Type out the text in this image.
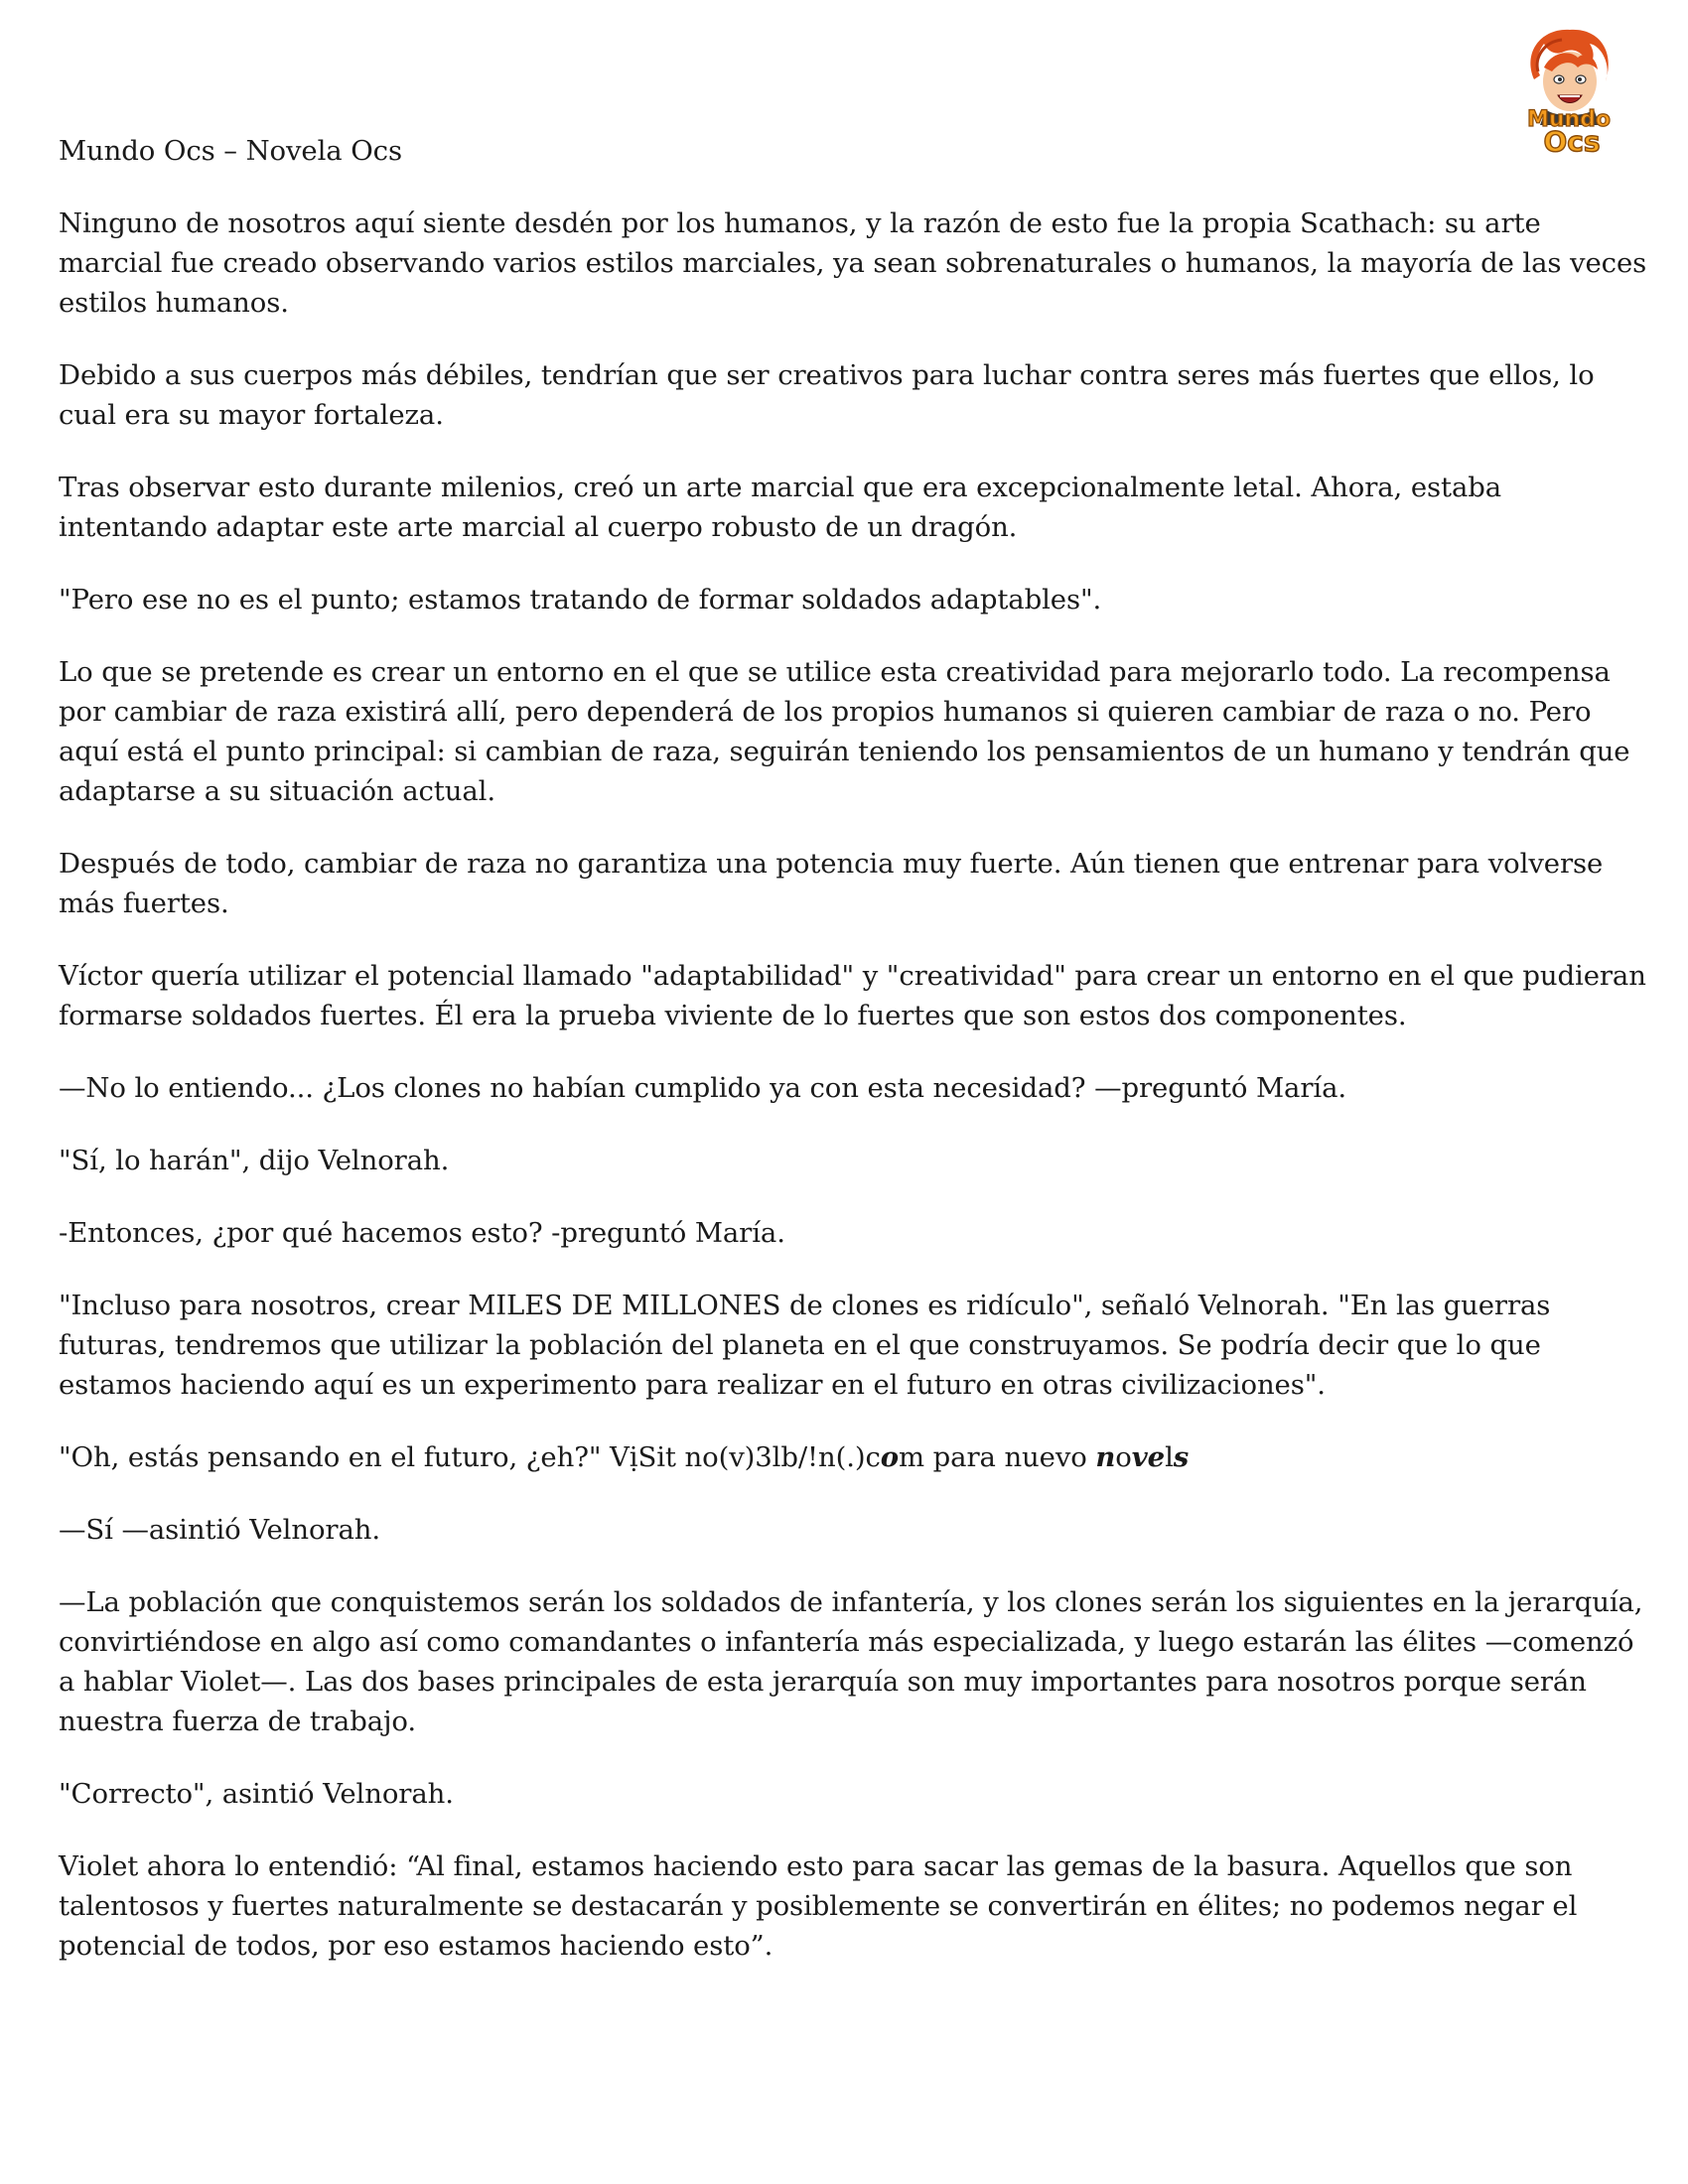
Mundo
Ocs

Mundo Ocs – Novela Ocs

Ninguno de nosotros aquí siente desdén por los humanos, y la razón de esto fue la propia Scathach: su arte marcial fue creado observando varios estilos marciales, ya sean sobrenaturales o humanos, la mayoría de las veces estilos humanos.

Debido a sus cuerpos más débiles, tendrían que ser creativos para luchar contra seres más fuertes que ellos, lo cual era su mayor fortaleza.

Tras observar esto durante milenios, creó un arte marcial que era excepcionalmente letal. Ahora, estaba intentando adaptar este arte marcial al cuerpo robusto de un dragón.

"Pero ese no es el punto; estamos tratando de formar soldados adaptables".

Lo que se pretende es crear un entorno en el que se utilice esta creatividad para mejorarlo todo. La recompensa por cambiar de raza existirá allí, pero dependerá de los propios humanos si quieren cambiar de raza o no. Pero aquí está el punto principal: si cambian de raza, seguirán teniendo los pensamientos de un humano y tendrán que adaptarse a su situación actual.

Después de todo, cambiar de raza no garantiza una potencia muy fuerte. Aún tienen que entrenar para volverse más fuertes.

Víctor quería utilizar el potencial llamado "adaptabilidad" y "creatividad" para crear un entorno en el que pudieran formarse soldados fuertes. Él era la prueba viviente de lo fuertes que son estos dos componentes.

—No lo entiendo... ¿Los clones no habían cumplido ya con esta necesidad? —preguntó María.

"Sí, lo harán", dijo Velnorah.

-Entonces, ¿por qué hacemos esto? -preguntó María.

"Incluso para nosotros, crear MILES DE MILLONES de clones es ridículo", señaló Velnorah. "En las guerras futuras, tendremos que utilizar la población del planeta en el que construyamos. Se podría decir que lo que estamos haciendo aquí es un experimento para realizar en el futuro en otras civilizaciones".

"Oh, estás pensando en el futuro, ¿eh?" VịSit no(v)3lb/!n(.)com para nuevo novels

—Sí —asintió Velnorah.

—La población que conquistemos serán los soldados de infantería, y los clones serán los siguientes en la jerarquía, convirtiéndose en algo así como comandantes o infantería más especializada, y luego estarán las élites —comenzó a hablar Violet—. Las dos bases principales de esta jerarquía son muy importantes para nosotros porque serán nuestra fuerza de trabajo.

"Correcto", asintió Velnorah.

Violet ahora lo entendió: “Al final, estamos haciendo esto para sacar las gemas de la basura. Aquellos que son talentosos y fuertes naturalmente se destacarán y posiblemente se convertirán en élites; no podemos negar el potencial de todos, por eso estamos haciendo esto”.
